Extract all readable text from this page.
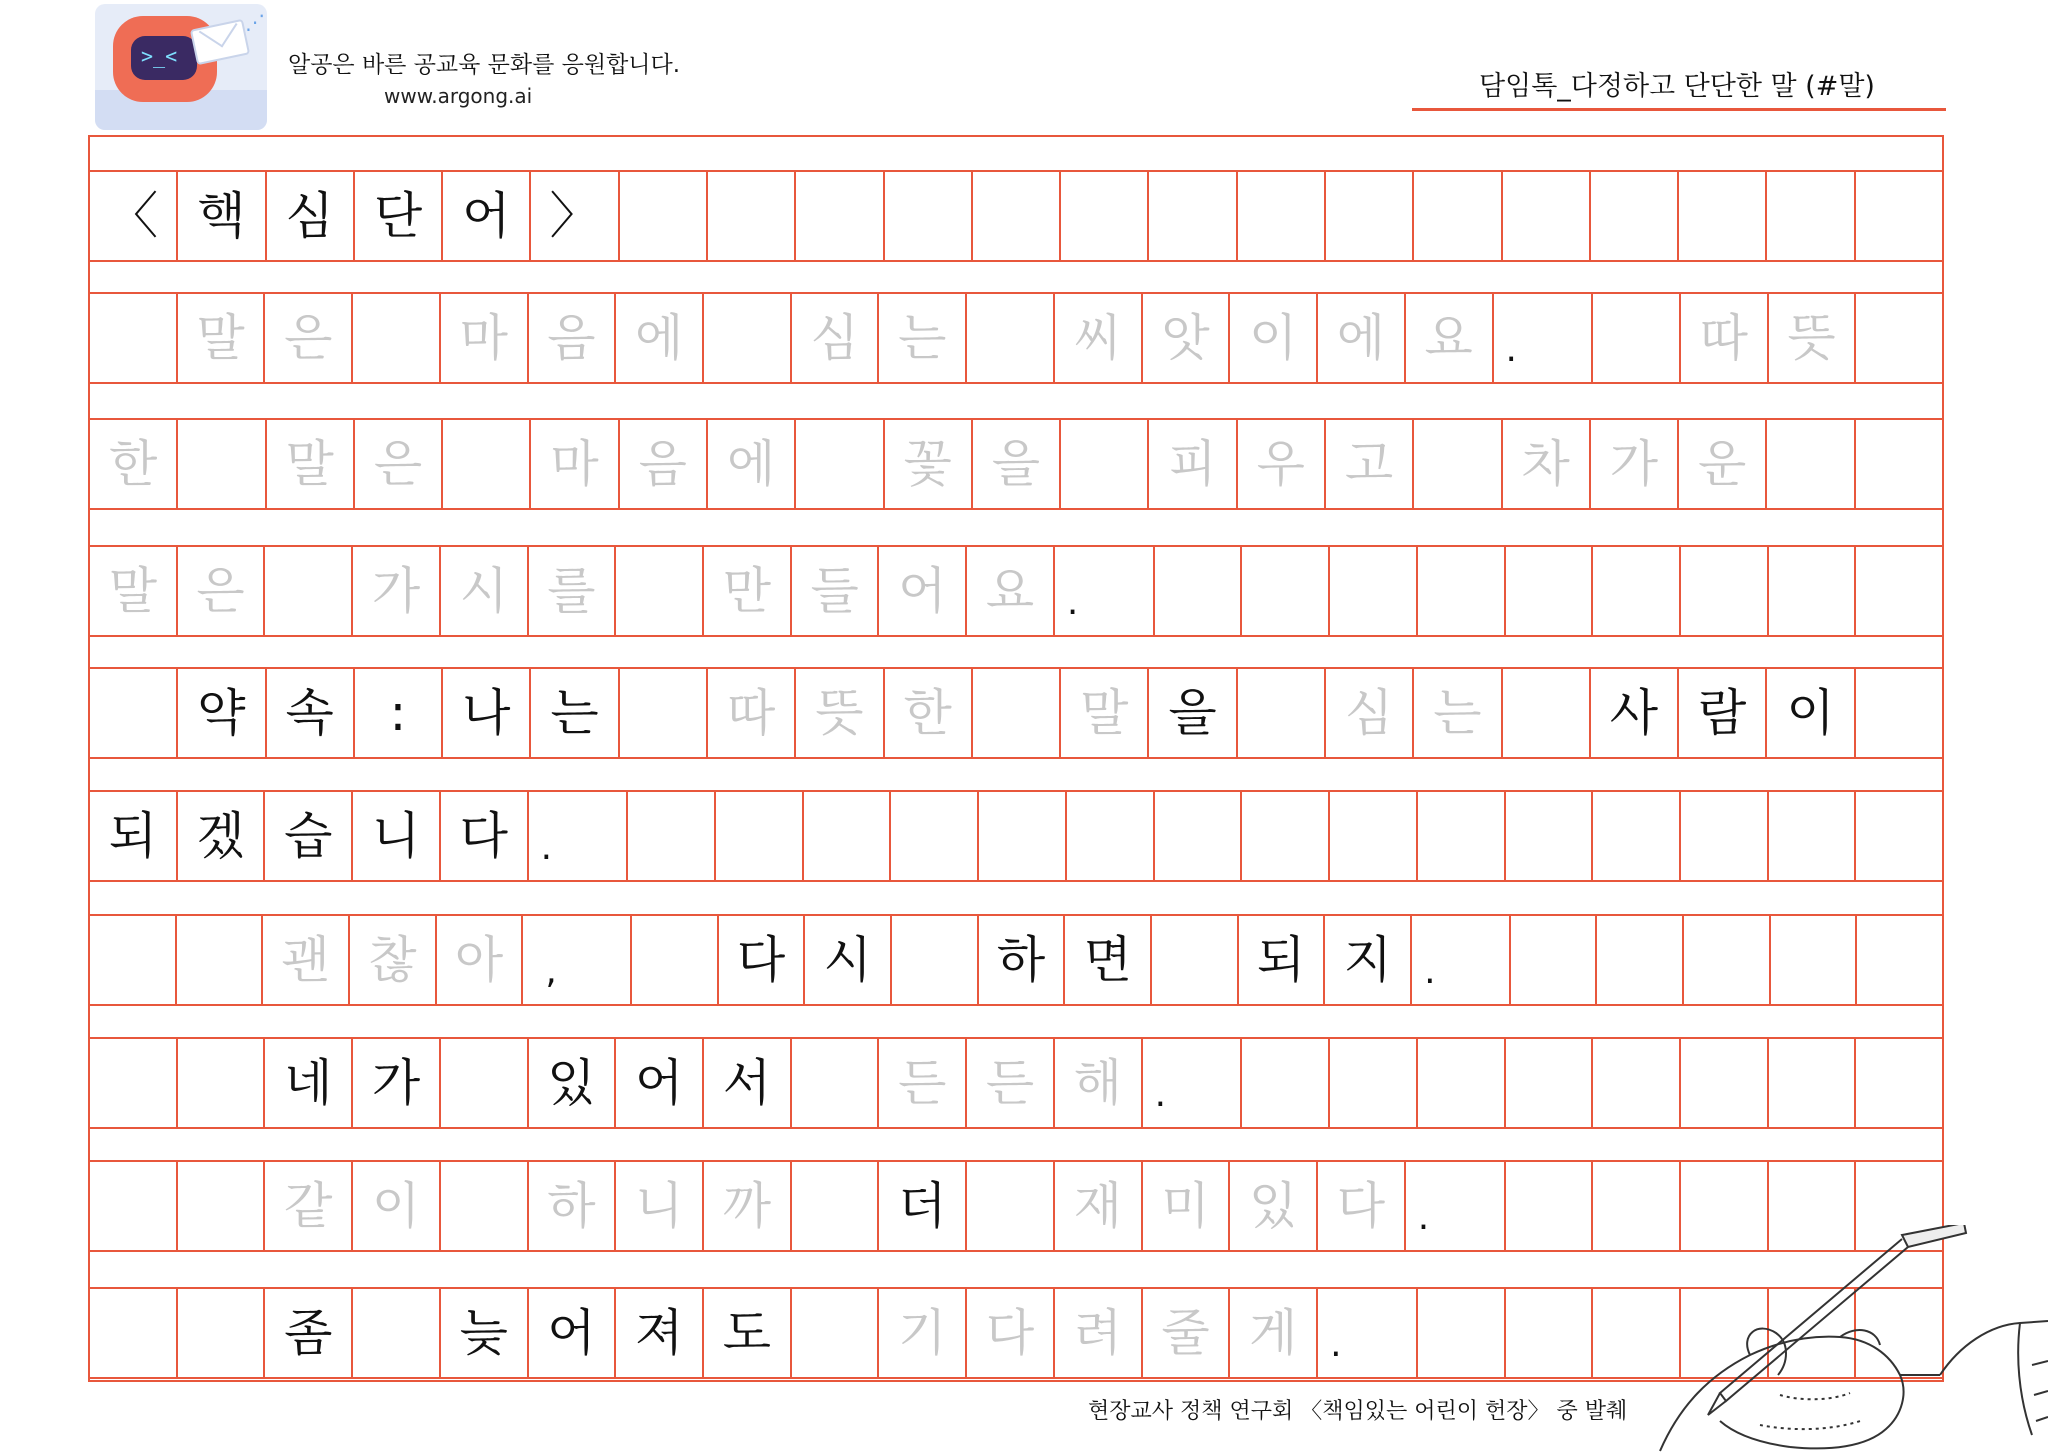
>_<
⋰
알공은 바른 공교육 문화를 응원합니다.
www.argong.ai	담임톡_다정하고 단단한 말 (#말)
〈 핵 심 단 어 〉
말 은	마 음 에	심 는	씨 앗 이 에 요 .	따 뜻
한	말 은	마 음 에	꽃 을	피 우 고	차 가 운
말 은	가 시 를	만 들 어 요 .
약 속	:	나 는	따 뜻 한	말 을	심 는	사 람 이
되 겠 습 니 다 .
괜 찮 아	,	다 시	하 면	되 지 .
네 가	있 어 서	든 든 해 .
같 이	하 니 까	더	재 미 있 다 .
좀	늦 어 져 도	기 다 려 줄 게 .
현장교사 정책 연구회 〈책임있는 어린이 헌장〉 중 발췌
